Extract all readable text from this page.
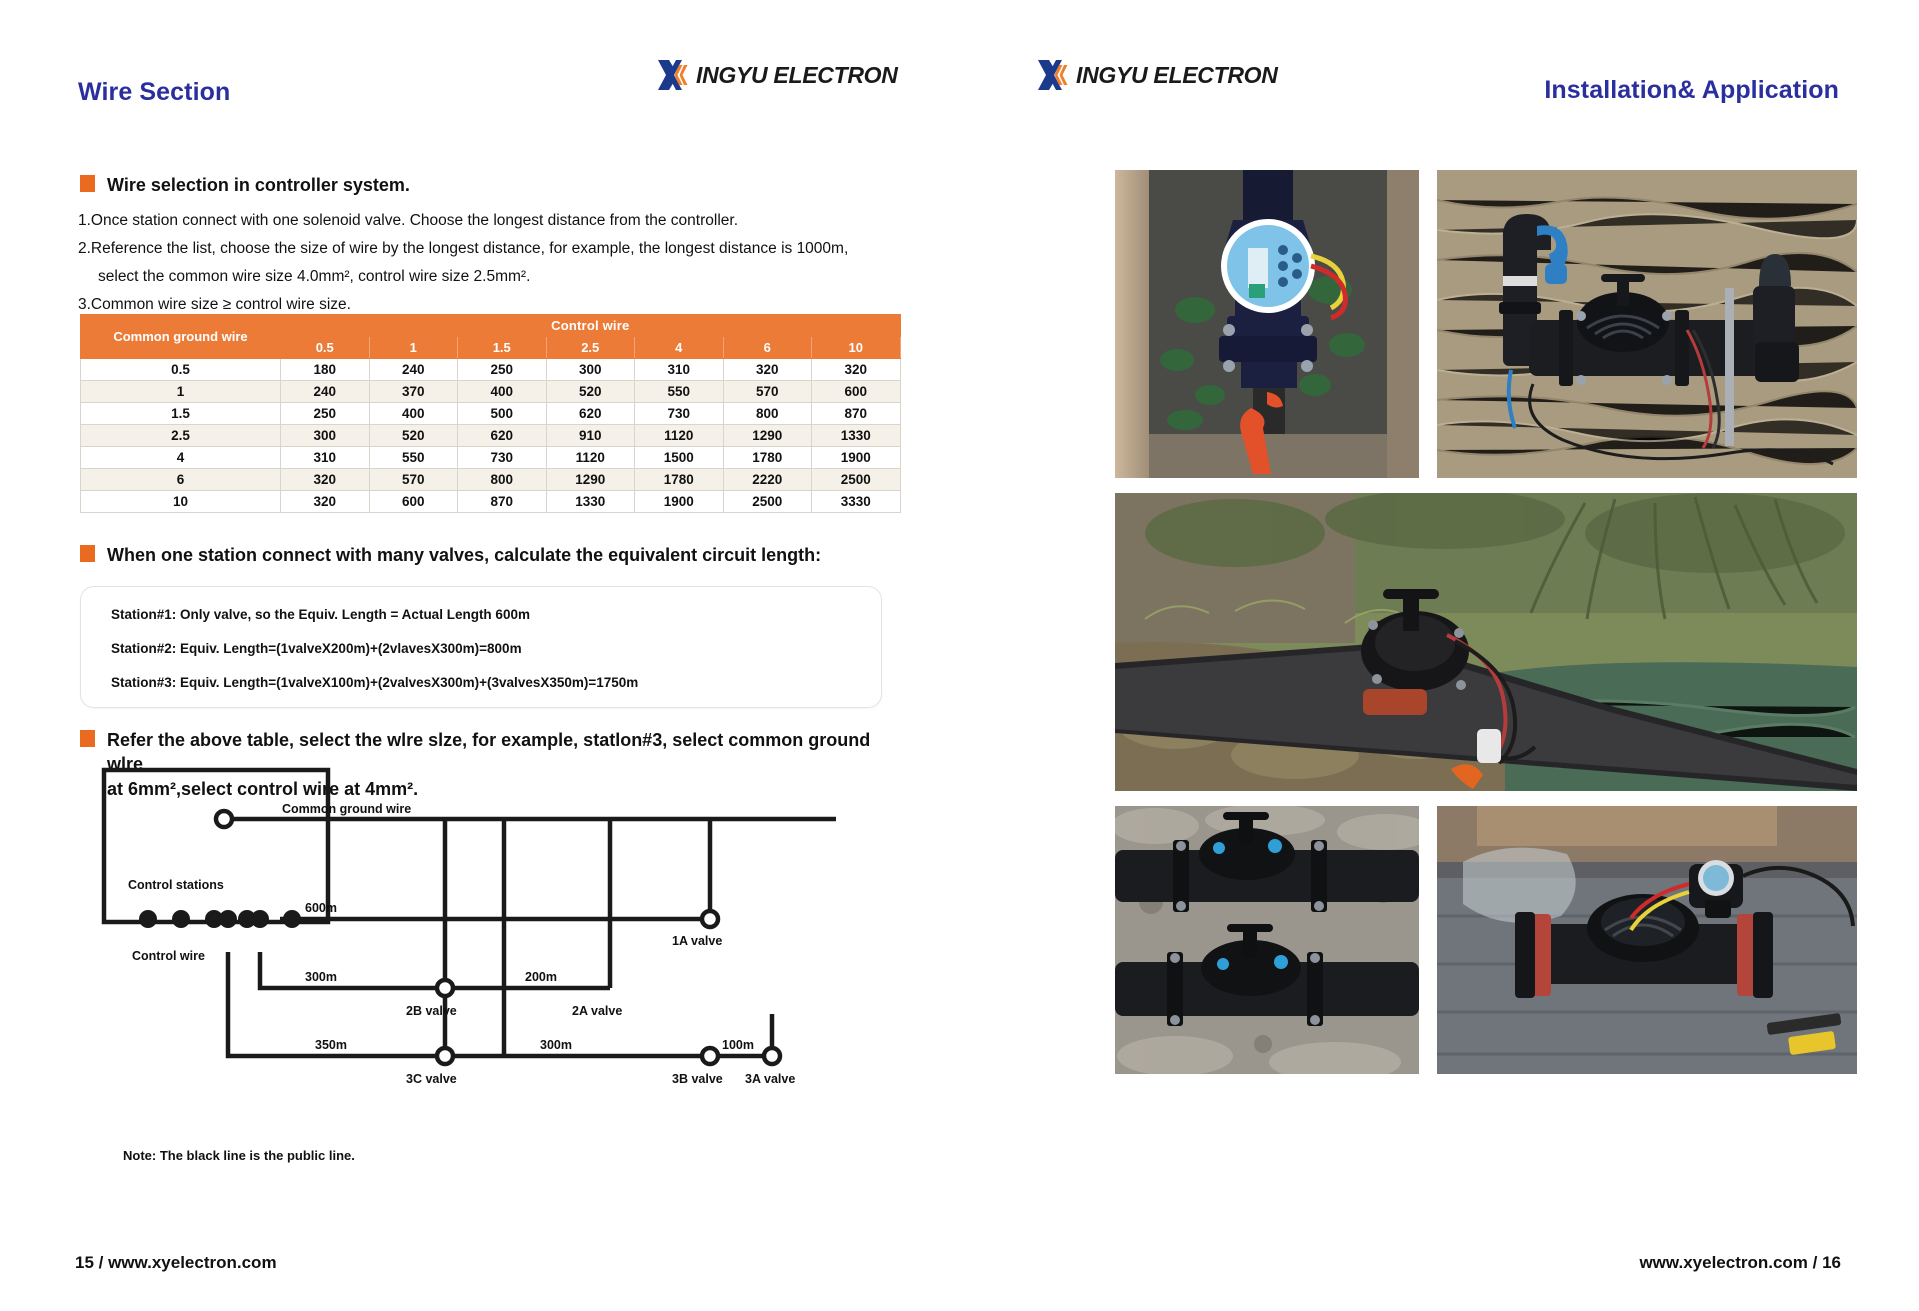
Wire Section	Installation& Application
INGYU ELECTRON	INGYU ELECTRON
Wire selection in controller system.

1.Once station connect with one solenoid valve. Choose the longest distance from the controller.

2.Reference the list, choose the size of wire by the longest distance, for example, the longest distance is 1000m,

select the common wire size 4.0mm², control wire size 2.5mm².

3.Common wire size ≥ control wire size.

Common ground wire	Control wire						
	0.5	1	1.5	2.5	4	6	10
0.5	180	240	250	300	310	320	320
1	240	370	400	520	550	570	600
1.5	250	400	500	620	730	800	870
2.5	300	520	620	910	1120	1290	1330
4	310	550	730	1120	1500	1780	1900
6	320	570	800	1290	1780	2220	2500
10	320	600	870	1330	1900	2500	3330
When one station connect with many valves, calculate the equivalent circuit length:

Station#1: Only valve, so the Equiv. Length = Actual Length 600m

Station#2: Equiv. Length=(1valveX200m)+(2vlavesX300m)=800m

Station#3: Equiv. Length=(1valveX100m)+(2valvesX300m)+(3valvesX350m)=1750m

Refer the above table, select the wlre slze, for example, statlon#3, select common ground wlre
at 6mm²,select control wire at 4mm².
Common ground wire
Control stations
Control wire
600m
300m	200m
350m	300m	100m
1A valve
2B valve	2A valve
3C valve	3B valve 3A valve
Note: The black line is the public line.
15 / www.xyelectron.com	www.xyelectron.com / 16
